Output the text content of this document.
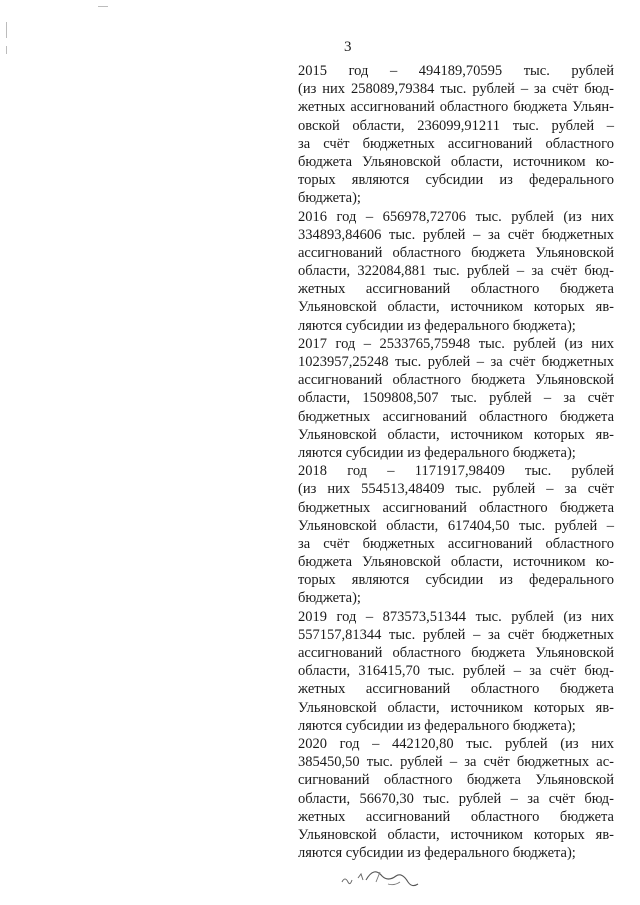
3
2015 год – 494189,70595 тыс. рублей
(из них 258089,79384 тыс. рублей – за счёт бюд-
жетных ассигнований областного бюджета Ульян-
овской области, 236099,91211 тыс. рублей –
за счёт бюджетных ассигнований областного
бюджета Ульяновской области, источником ко-
торых являются субсидии из федерального
бюджета);
2016 год – 656978,72706 тыс. рублей (из них
334893,84606 тыс. рублей – за счёт бюджетных
ассигнований областного бюджета Ульяновской
области, 322084,881 тыс. рублей – за счёт бюд-
жетных ассигнований областного бюджета
Ульяновской области, источником которых яв-
ляются субсидии из федерального бюджета);
2017 год – 2533765,75948 тыс. рублей (из них
1023957,25248 тыс. рублей – за счёт бюджетных
ассигнований областного бюджета Ульяновской
области, 1509808,507 тыс. рублей – за счёт
бюджетных ассигнований областного бюджета
Ульяновской области, источником которых яв-
ляются субсидии из федерального бюджета);
2018 год – 1171917,98409 тыс. рублей
(из них 554513,48409 тыс. рублей – за счёт
бюджетных ассигнований областного бюджета
Ульяновской области, 617404,50 тыс. рублей –
за счёт бюджетных ассигнований областного
бюджета Ульяновской области, источником ко-
торых являются субсидии из федерального
бюджета);
2019 год – 873573,51344 тыс. рублей (из них
557157,81344 тыс. рублей – за счёт бюджетных
ассигнований областного бюджета Ульяновской
области, 316415,70 тыс. рублей – за счёт бюд-
жетных ассигнований областного бюджета
Ульяновской области, источником которых яв-
ляются субсидии из федерального бюджета);
2020 год – 442120,80 тыс. рублей (из них
385450,50 тыс. рублей – за счёт бюджетных ас-
сигнований областного бюджета Ульяновской
области, 56670,30 тыс. рублей – за счёт бюд-
жетных ассигнований областного бюджета
Ульяновской области, источником которых яв-
ляются субсидии из федерального бюджета);
